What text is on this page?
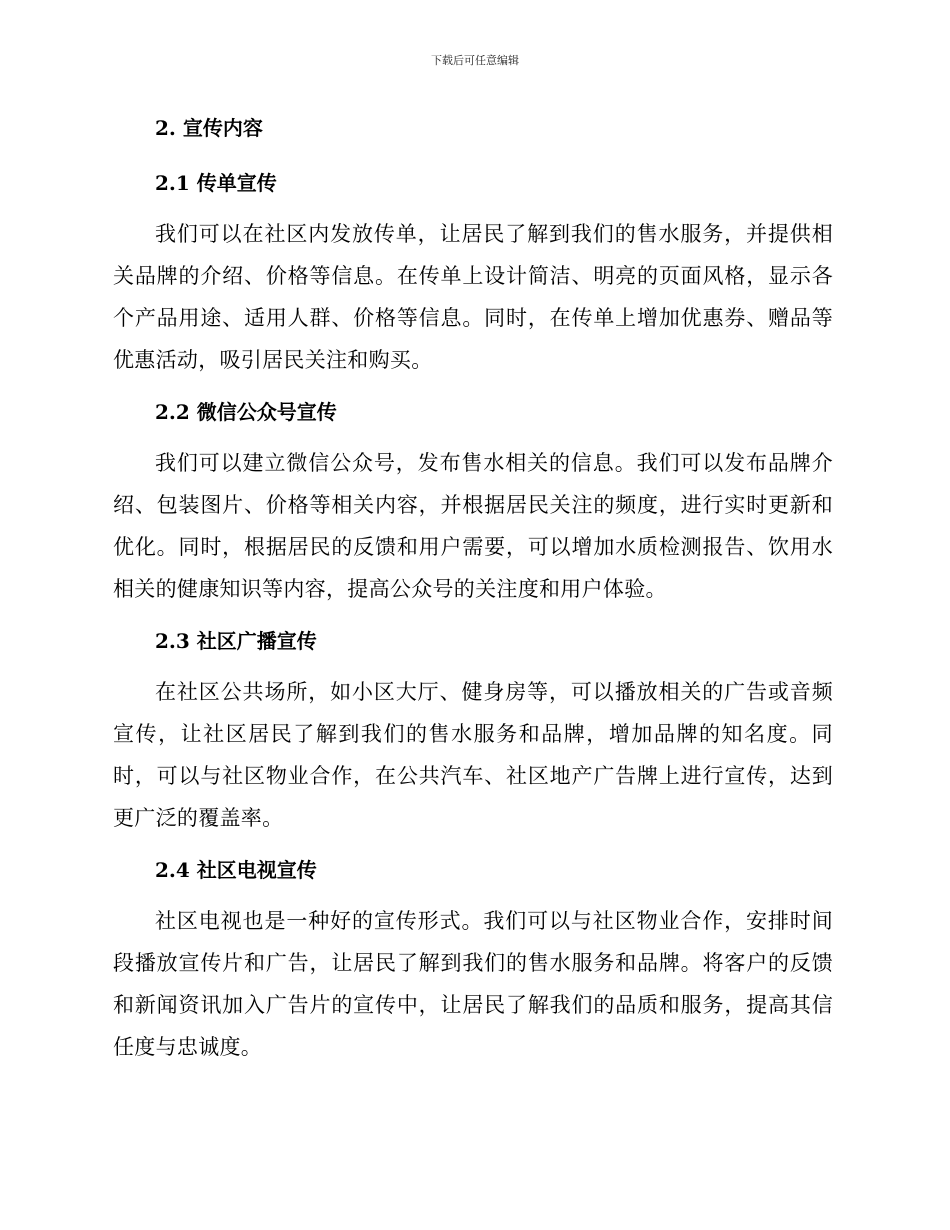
下载后可任意编辑
2. 宣传内容
2.1 传单宣传

我们可以在社区内发放传单，让居民了解到我们的售水服务，并提供相关品牌的介绍、价格等信息。在传单上设计简洁、明亮的页面风格，显示各个产品用途、适用人群、价格等信息。同时，在传单上增加优惠券、赠品等优惠活动，吸引居民关注和购买。

2.2 微信公众号宣传

我们可以建立微信公众号，发布售水相关的信息。我们可以发布品牌介绍、包装图片、价格等相关内容，并根据居民关注的频度，进行实时更新和优化。同时，根据居民的反馈和用户需要，可以增加水质检测报告、饮用水相关的健康知识等内容，提高公众号的关注度和用户体验。

2.3 社区广播宣传

在社区公共场所，如小区大厅、健身房等，可以播放相关的广告或音频宣传，让社区居民了解到我们的售水服务和品牌，增加品牌的知名度。同时，可以与社区物业合作，在公共汽车、社区地产广告牌上进行宣传，达到更广泛的覆盖率。

2.4 社区电视宣传

社区电视也是一种好的宣传形式。我们可以与社区物业合作，安排时间段播放宣传片和广告，让居民了解到我们的售水服务和品牌。将客户的反馈和新闻资讯加入广告片的宣传中，让居民了解我们的品质和服务，提高其信任度与忠诚度。
